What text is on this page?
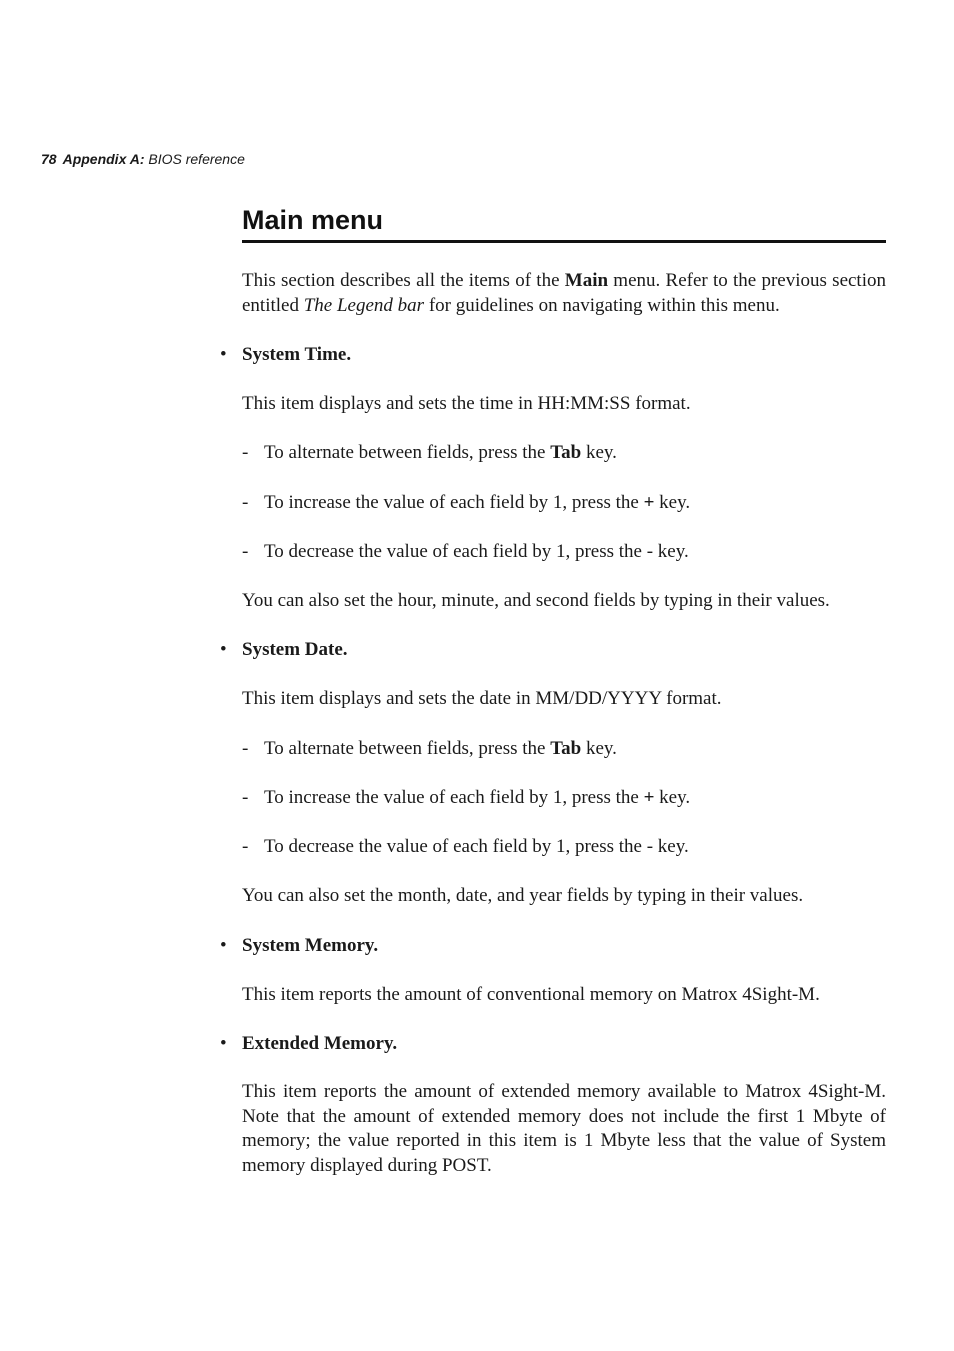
78 Appendix A: BIOS reference
Main menu

This section describes all the items of the Main menu. Refer to the previous section entitled The Legend bar for guidelines on navigating within this menu.

• System Time.

This item displays and sets the time in HH:MM:SS format.

- To alternate between fields, press the Tab key.
- To increase the value of each field by 1, press the + key.
- To decrease the value of each field by 1, press the - key.

You can also set the hour, minute, and second fields by typing in their values.

• System Date.

This item displays and sets the date in MM/DD/YYYY format.

- To alternate between fields, press the Tab key.
- To increase the value of each field by 1, press the + key.
- To decrease the value of each field by 1, press the - key.

You can also set the month, date, and year fields by typing in their values.

• System Memory.

This item reports the amount of conventional memory on Matrox 4Sight-M.

• Extended Memory.

This item reports the amount of extended memory available to Matrox 4Sight-M. Note that the amount of extended memory does not include the first 1 Mbyte of memory; the value reported in this item is 1 Mbyte less that the value of System memory displayed during POST.
